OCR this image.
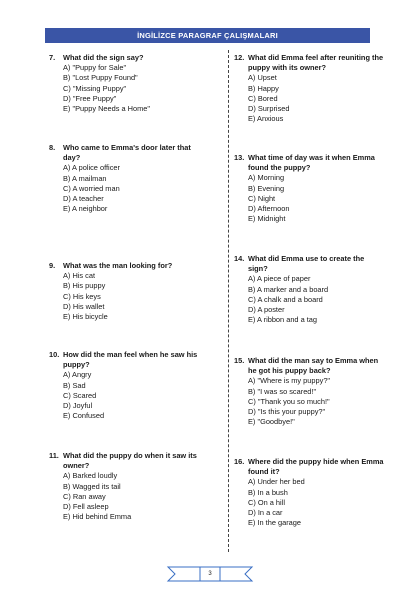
İNGİLİZCE PARAGRAF ÇALIŞMALARI
7.	What did the sign say?
A) "Puppy for Sale"
B) "Lost Puppy Found"
C) "Missing Puppy"
D) "Free Puppy"
E) "Puppy Needs a Home"
8.	Who came to Emma's door later that day?
A) A police officer
B) A mailman
C) A worried man
D) A teacher
E) A neighbor
9.	What was the man looking for?
A) His cat
B) His puppy
C) His keys
D) His wallet
E) His bicycle
10. How did the man feel when he saw his puppy?
A) Angry
B) Sad
C) Scared
D) Joyful
E) Confused
11. What did the puppy do when it saw its owner?
A) Barked loudly
B) Wagged its tail
C) Ran away
D) Fell asleep
E) Hid behind Emma
12. What did Emma feel after reuniting the puppy with its owner?
A) Upset
B) Happy
C) Bored
D) Surprised
E) Anxious
13. What time of day was it when Emma found the puppy?
A) Morning
B) Evening
C) Night
D) Afternoon
E) Midnight
14. What did Emma use to create the sign?
A) A piece of paper
B) A marker and a board
C) A chalk and a board
D) A poster
E) A ribbon and a tag
15. What did the man say to Emma when he got his puppy back?
A) "Where is my puppy?"
B) "I was so scared!"
C) "Thank you so much!"
D) "Is this your puppy?"
E) "Goodbye!"
16. Where did the puppy hide when Emma found it?
A) Under her bed
B) In a bush
C) On a hill
D) In a car
E) In the garage
3
